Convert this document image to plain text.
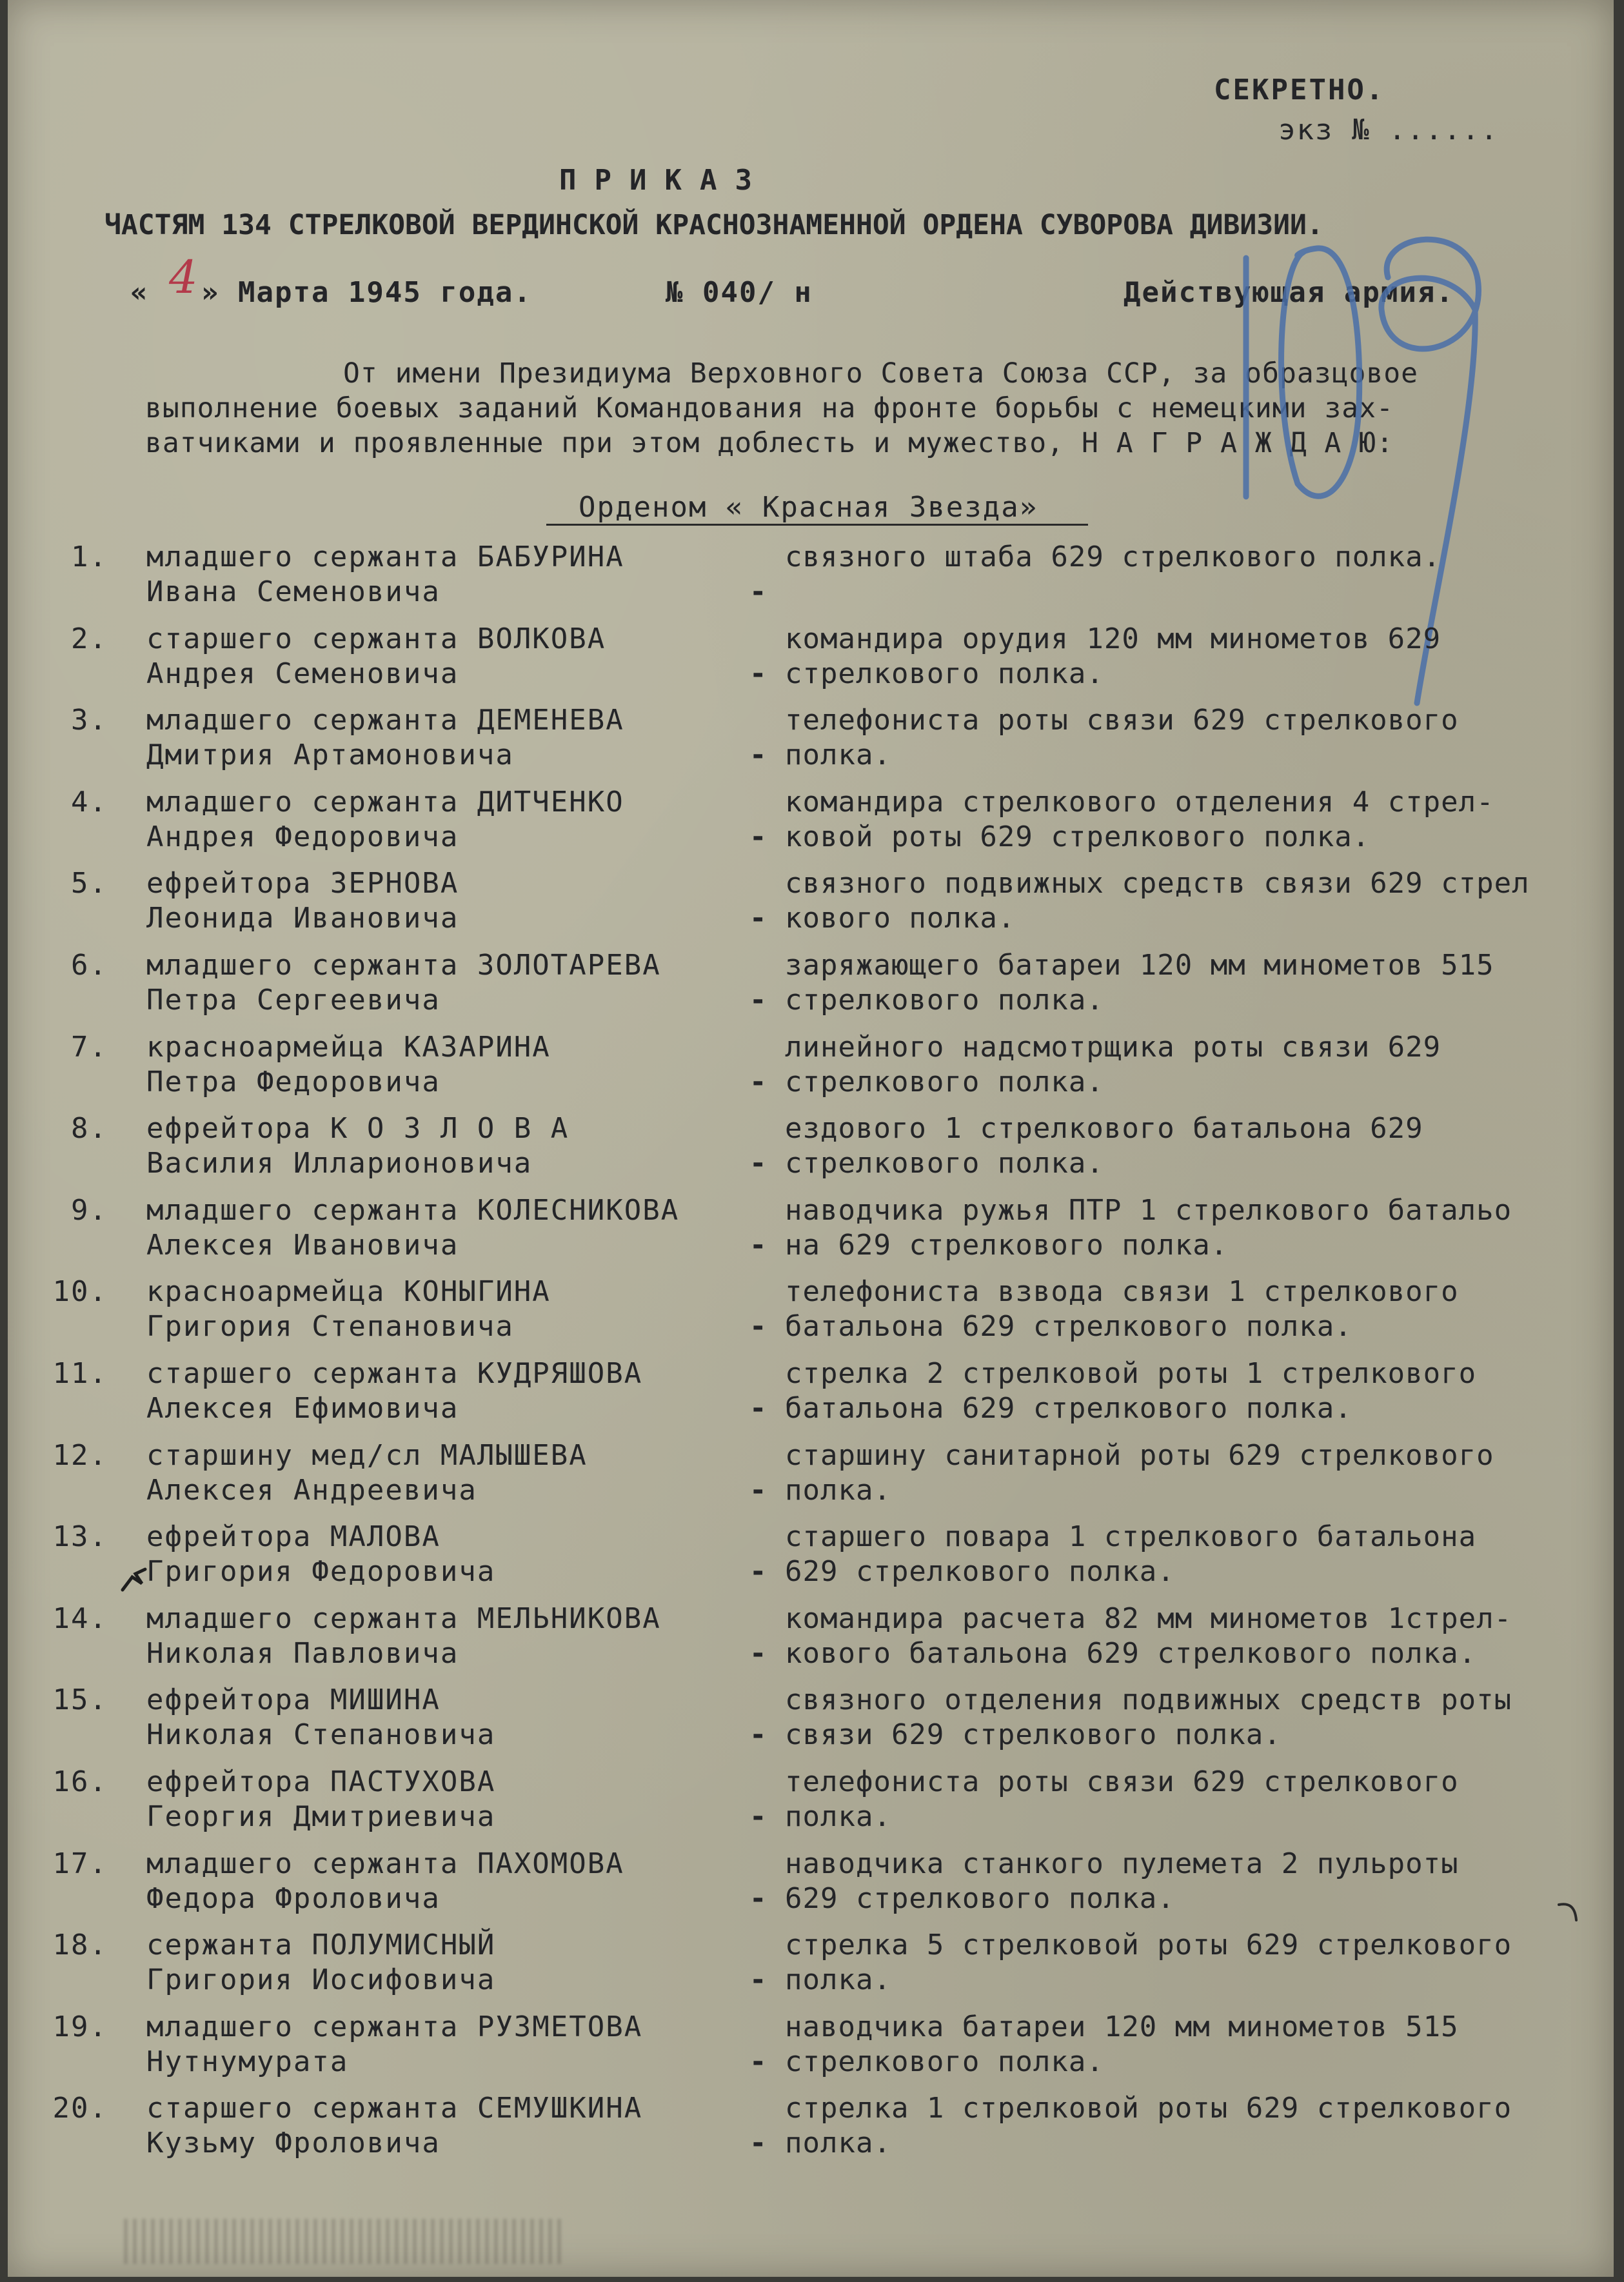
СЕКРЕТНО.
экз № ......
ПРИКАЗ
ЧАСТЯМ 134 СТРЕЛКОВОЙ ВЕРДИНСКОЙ КРАСНОЗНАМЕННОЙ ОРДЕНА СУВОРОВА ДИВИЗИИ.
« 4 » Марта 1945 года.	№ 040/ н	Действующая армия.
От имени Президиума Верховного Совета Союза ССР, за образцовое
выполнение боевых заданий Командования на фронте борьбы с немецкими зах-
ватчиками и проявленные при этом доблесть и мужество, Н А Г Р А Ж Д А Ю:
Орденом « Красная Звезда»
1. младшего сержанта БАБУРИНА
Ивана Семеновича	-
связного штаба 629 стрелкового полка.
2. старшего сержанта ВОЛКОВА
Андрея Семеновича	-
командира орудия 120 мм минометов 629
стрелкового полка.
3. младшего сержанта ДЕМЕНЕВА
Дмитрия Артамоновича	-
телефониста роты связи 629 стрелкового
полка.
4. младшего сержанта ДИТЧЕНКО
Андрея Федоровича	-
командира стрелкового отделения 4 стрел-
ковой роты 629 стрелкового полка.
5. ефрейтора ЗЕРНОВА
Леонида Ивановича	-
связного подвижных средств связи 629 стрел
кового полка.
6. младшего сержанта ЗОЛОТАРЕВА
Петра Сергеевича	-
заряжающего батареи 120 мм минометов 515
стрелкового полка.
7. красноармейца КАЗАРИНА
Петра Федоровича	-
линейного надсмотрщика роты связи 629
стрелкового полка.
8. ефрейтора К О З Л О В А
Василия Илларионовича	-
ездового 1 стрелкового батальона 629
стрелкового полка.
9. младшего сержанта КОЛЕСНИКОВА
Алексея Ивановича	-
наводчика ружья ПТР 1 стрелкового батальо
на 629 стрелкового полка.
10. красноармейца КОНЫГИНА
Григория Степановича	-
телефониста взвода связи 1 стрелкового
батальона 629 стрелкового полка.
11. старшего сержанта КУДРЯШОВА
Алексея Ефимовича	-
стрелка 2 стрелковой роты 1 стрелкового
батальона 629 стрелкового полка.
12. старшину мед/сл МАЛЫШЕВА
Алексея Андреевича	-
старшину санитарной роты 629 стрелкового
полка.
13. ефрейтора МАЛОВА
Григория Федоровича	-
старшего повара 1 стрелкового батальона
629 стрелкового полка.
14. младшего сержанта МЕЛЬНИКОВА
Николая Павловича	-
командира расчета 82 мм минометов 1стрел-
кового батальона 629 стрелкового полка.
15. ефрейтора МИШИНА
Николая Степановича	-
связного отделения подвижных средств роты
связи 629 стрелкового полка.
16. ефрейтора ПАСТУХОВА
Георгия Дмитриевича	-
телефониста роты связи 629 стрелкового
полка.
17. младшего сержанта ПАХОМОВА
Федора Фроловича	-
наводчика станкого пулемета 2 пульроты
629 стрелкового полка.
18. сержанта ПОЛУМИСНЫЙ
Григория Иосифовича	-
стрелка 5 стрелковой роты 629 стрелкового
полка.
19. младшего сержанта РУЗМЕТОВА
Нутнумурата	-
наводчика батареи 120 мм минометов 515
стрелкового полка.
20. старшего сержанта СЕМУШКИНА
Кузьму Фроловича	-
стрелка 1 стрелковой роты 629 стрелкового
полка.
